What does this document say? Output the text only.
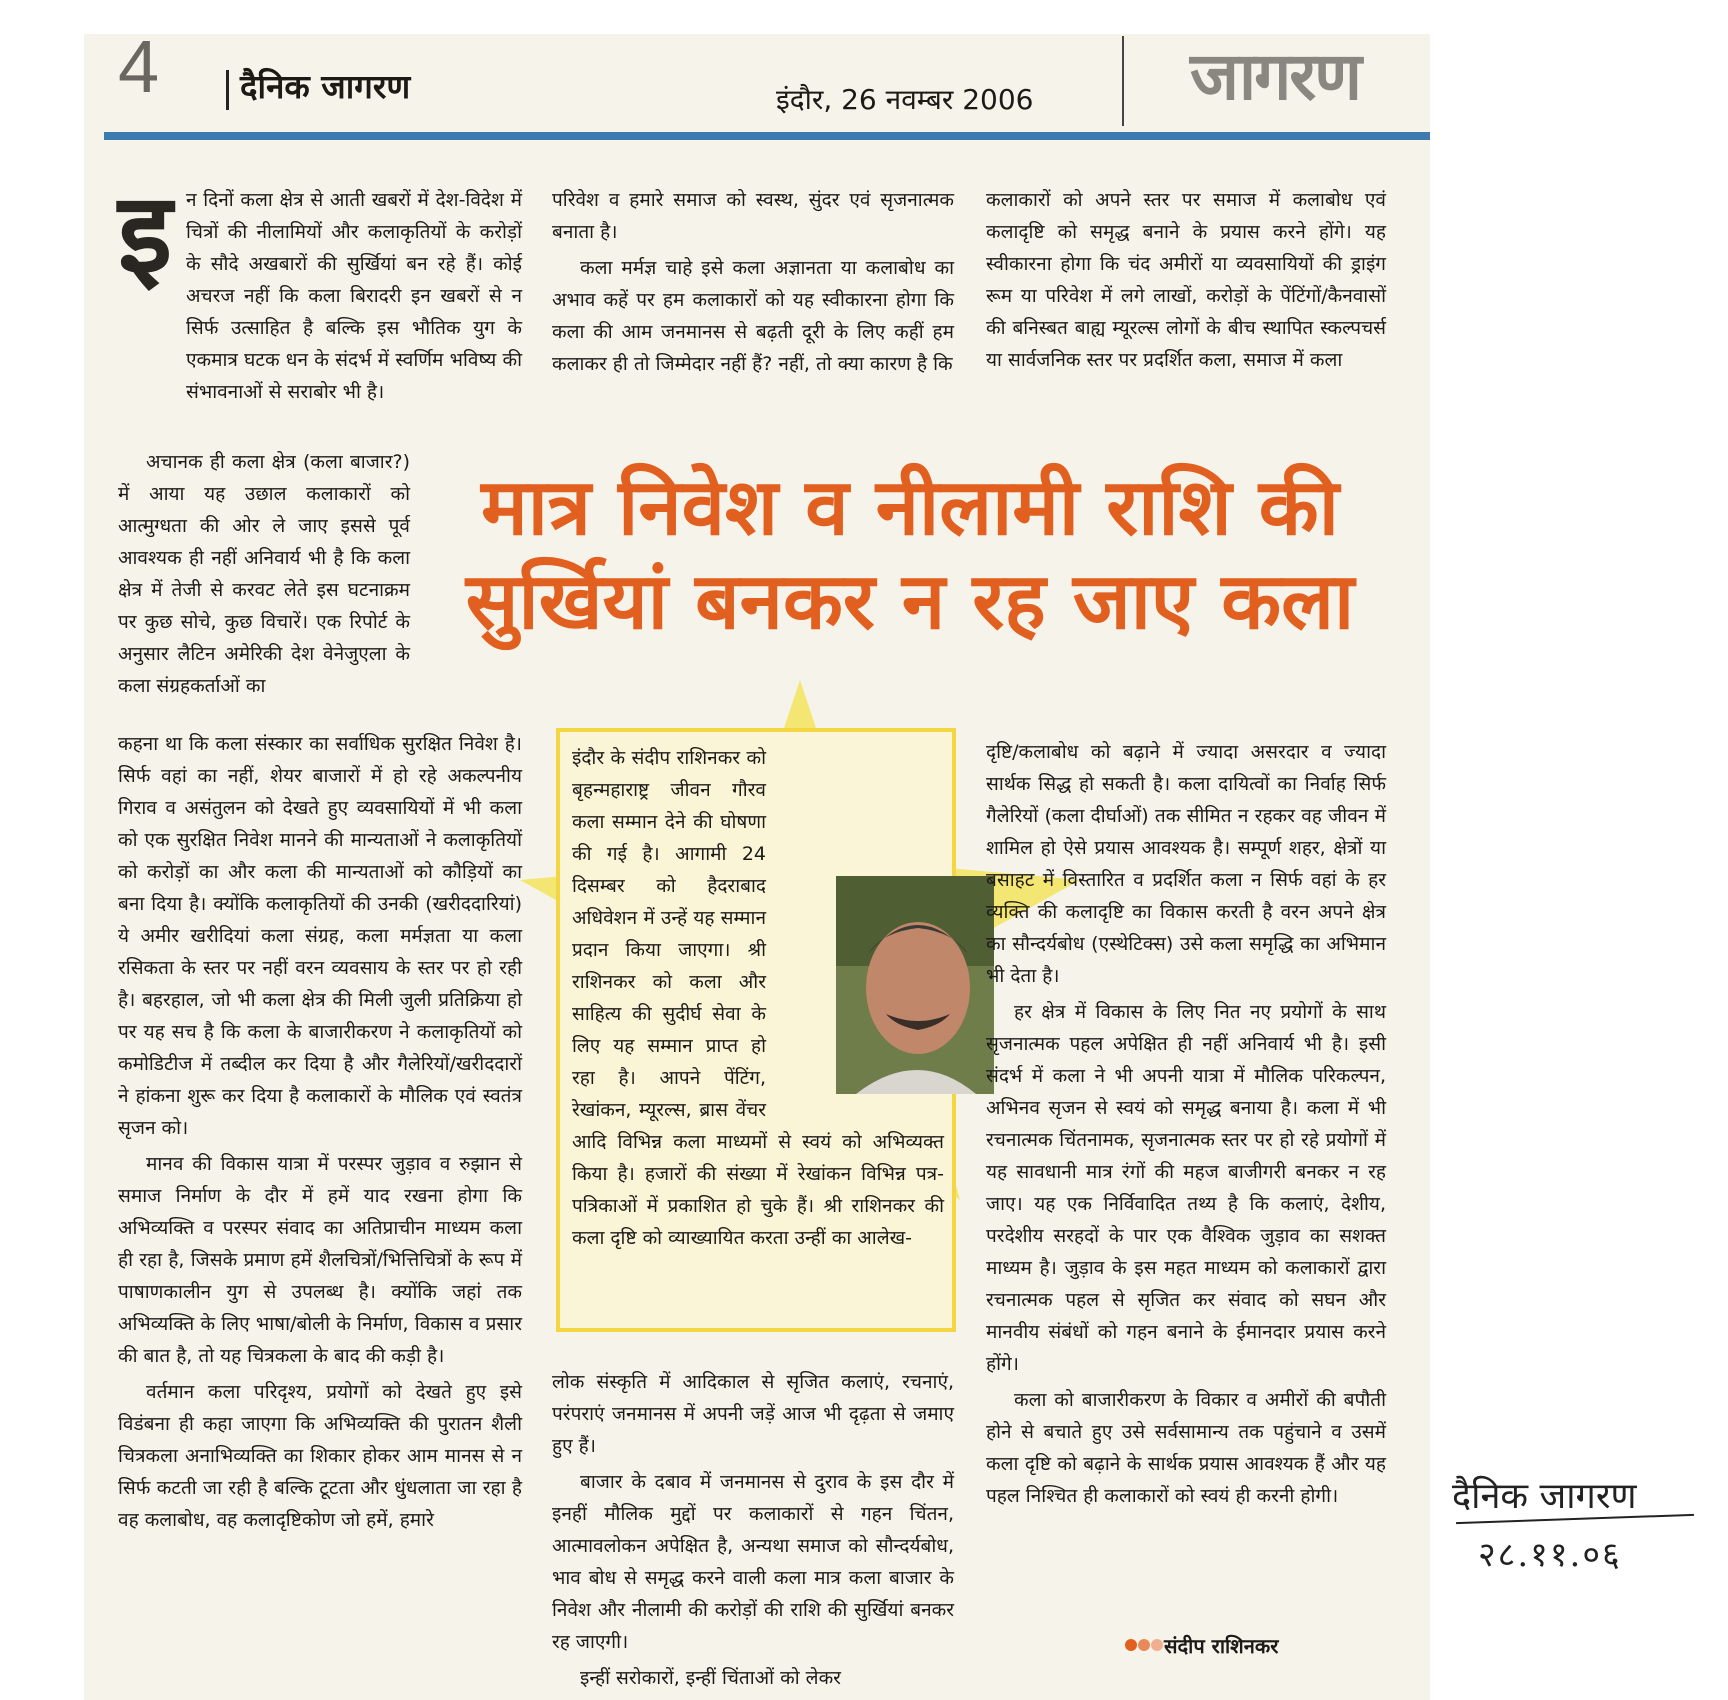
4 दैनिक जागरण	इंदौर, 26 नवम्बर 2006 जागरण
इ न दिनों कला क्षेत्र से आती खबरों में देश-विदेश में चित्रों की नीलामियों और कलाकृतियों के करोड़ों के सौदे अखबारों की सुर्खियां बन रहे हैं। कोई अचरज नहीं कि कला बिरादरी इन खबरों से न सिर्फ उत्साहित है बल्कि इस भौतिक युग के एकमात्र घटक धन के संदर्भ में स्वर्णिम भविष्य की संभावनाओं से सराबोर भी है।

परिवेश व हमारे समाज को स्वस्थ, सुंदर एवं सृजनात्मक बनाता है।

कला मर्मज्ञ चाहे इसे कला अज्ञानता या कलाबोध का अभाव कहें पर हम कलाकारों को यह स्वीकारना होगा कि कला की आम जनमानस से बढ़ती दूरी के लिए कहीं हम कलाकर ही तो जिम्मेदार नहीं हैं? नहीं, तो क्या कारण है कि

कलाकारों को अपने स्तर पर समाज में कलाबोध एवं कलादृष्टि को समृद्ध बनाने के प्रयास करने होंगे। यह स्वीकारना होगा कि चंद अमीरों या व्यवसायियों की ड्राइंग रूम या परिवेश में लगे लाखों, करोड़ों के पेंटिंगों/कैनवासों की बनिस्बत बाह्य म्यूरल्स लोगों के बीच स्थापित स्कल्पचर्स या सार्वजनिक स्तर पर प्रदर्शित कला, समाज में कला

मात्र निवेश व नीलामी राशि की
सुर्खियां बनकर न रह जाए कला

अचानक ही कला क्षेत्र (कला बाजार?) में आया यह उछाल कलाकारों को आत्मुग्धता की ओर ले जाए इससे पूर्व आवश्यक ही नहीं अनिवार्य भी है कि कला क्षेत्र में तेजी से करवट लेते इस घटनाक्रम पर कुछ सोचे, कुछ विचारें। एक रिपोर्ट के अनुसार लैटिन अमेरिकी देश वेनेजुएला के कला संग्रहकर्ताओं का

कहना था कि कला संस्कार का सर्वाधिक सुरक्षित निवेश है। सिर्फ वहां का नहीं, शेयर बाजारों में हो रहे अकल्पनीय गिराव व असंतुलन को देखते हुए व्यवसायियों में भी कला को एक सुरक्षित निवेश मानने की मान्यताओं ने कलाकृतियों को करोड़ों का और कला की मान्यताओं को कौड़ियों का बना दिया है। क्योंकि कलाकृतियों की उनकी (खरीददारियां) ये अमीर खरीदियां कला संग्रह, कला मर्मज्ञता या कला रसिकता के स्तर पर नहीं वरन व्यवसाय के स्तर पर हो रही है। बहरहाल, जो भी कला क्षेत्र की मिली जुली प्रतिक्रिया हो पर यह सच है कि कला के बाजारीकरण ने कलाकृतियों को कमोडिटीज में तब्दील कर दिया है और गैलेरियों/खरीददारों ने हांकना शुरू कर दिया है कलाकारों के मौलिक एवं स्वतंत्र सृजन को।

मानव की विकास यात्रा में परस्पर जुड़ाव व रुझान से समाज निर्माण के दौर में हमें याद रखना होगा कि अभिव्यक्ति व परस्पर संवाद का अतिप्राचीन माध्यम कला ही रहा है, जिसके प्रमाण हमें शैलचित्रों/भित्तिचित्रों के रूप में पाषाणकालीन युग से उपलब्ध है। क्योंकि जहां तक अभिव्यक्ति के लिए भाषा/बोली के निर्माण, विकास व प्रसार की बात है, तो यह चित्रकला के बाद की कड़ी है।

वर्तमान कला परिदृश्य, प्रयोगों को देखते हुए इसे विडंबना ही कहा जाएगा कि अभिव्यक्ति की पुरातन शैली चित्रकला अनाभिव्यक्ति का शिकार होकर आम मानस से न सिर्फ कटती जा रही है बल्कि टूटता और धुंधलाता जा रहा है वह कलाबोध, वह कलादृष्टिकोण जो हमें, हमारे

इंदौर के संदीप राशिनकर को बृहन्महाराष्ट्र जीवन गौरव कला सम्मान देने की घोषणा की गई है। आगामी 24 दिसम्बर को हैदराबाद अधिवेशन में उन्हें यह सम्मान प्रदान किया जाएगा। श्री राशिनकर को कला और साहित्य की सुदीर्घ सेवा के लिए यह सम्मान प्राप्त हो रहा है। आपने पेंटिंग, रेखांकन, म्यूरल्स, ब्रास वेंचर आदि विभिन्न कला माध्यमों से स्वयं को अभिव्यक्त किया है। हजारों की संख्या में रेखांकन विभिन्न पत्र-पत्रिकाओं में प्रकाशित हो चुके हैं। श्री राशिनकर की कला दृष्टि को व्याख्यायित करता उन्हीं का आलेख-

लोक संस्कृति में आदिकाल से सृजित कलाएं, रचनाएं, परंपराएं जनमानस में अपनी जड़ें आज भी दृढ़ता से जमाए हुए हैं।

बाजार के दबाव में जनमानस से दुराव के इस दौर में इनहीं मौलिक मुद्दों पर कलाकारों से गहन चिंतन, आत्मावलोकन अपेक्षित है, अन्यथा समाज को सौन्दर्यबोध, भाव बोध से समृद्ध करने वाली कला मात्र कला बाजार के निवेश और नीलामी की करोड़ों की राशि की सुर्खियां बनकर रह जाएगी।

इन्हीं सरोकारों, इन्हीं चिंताओं को लेकर

दृष्टि/कलाबोध को बढ़ाने में ज्यादा असरदार व ज्यादा सार्थक सिद्ध हो सकती है। कला दायित्वों का निर्वाह सिर्फ गैलेरियों (कला दीर्घाओं) तक सीमित न रहकर वह जीवन में शामिल हो ऐसे प्रयास आवश्यक है। सम्पूर्ण शहर, क्षेत्रों या बसाहट में विस्तारित व प्रदर्शित कला न सिर्फ वहां के हर व्यक्ति की कलादृष्टि का विकास करती है वरन अपने क्षेत्र का सौन्दर्यबोध (एस्थेटिक्स) उसे कला समृद्धि का अभिमान भी देता है।

हर क्षेत्र में विकास के लिए नित नए प्रयोगों के साथ सृजनात्मक पहल अपेक्षित ही नहीं अनिवार्य भी है। इसी संदर्भ में कला ने भी अपनी यात्रा में मौलिक परिकल्पन, अभिनव सृजन से स्वयं को समृद्ध बनाया है। कला में भी रचनात्मक चिंतनामक, सृजनात्मक स्तर पर हो रहे प्रयोगों में यह सावधानी मात्र रंगों की महज बाजीगरी बनकर न रह जाए। यह एक निर्विवादित तथ्य है कि कलाएं, देशीय, परदेशीय सरहदों के पार एक वैश्विक जुड़ाव का सशक्त माध्यम है। जुड़ाव के इस महत माध्यम को कलाकारों द्वारा रचनात्मक पहल से सृजित कर संवाद को सघन और मानवीय संबंधों को गहन बनाने के ईमानदार प्रयास करने होंगे।

कला को बाजारीकरण के विकार व अमीरों की बपौती होने से बचाते हुए उसे सर्वसामान्य तक पहुंचाने व उसमें कला दृष्टि को बढ़ाने के सार्थक प्रयास आवश्यक हैं और यह पहल निश्चित ही कलाकारों को स्वयं ही करनी होगी।

संदीप राशिनकर
दैनिक जागरण
२८.११.०६
